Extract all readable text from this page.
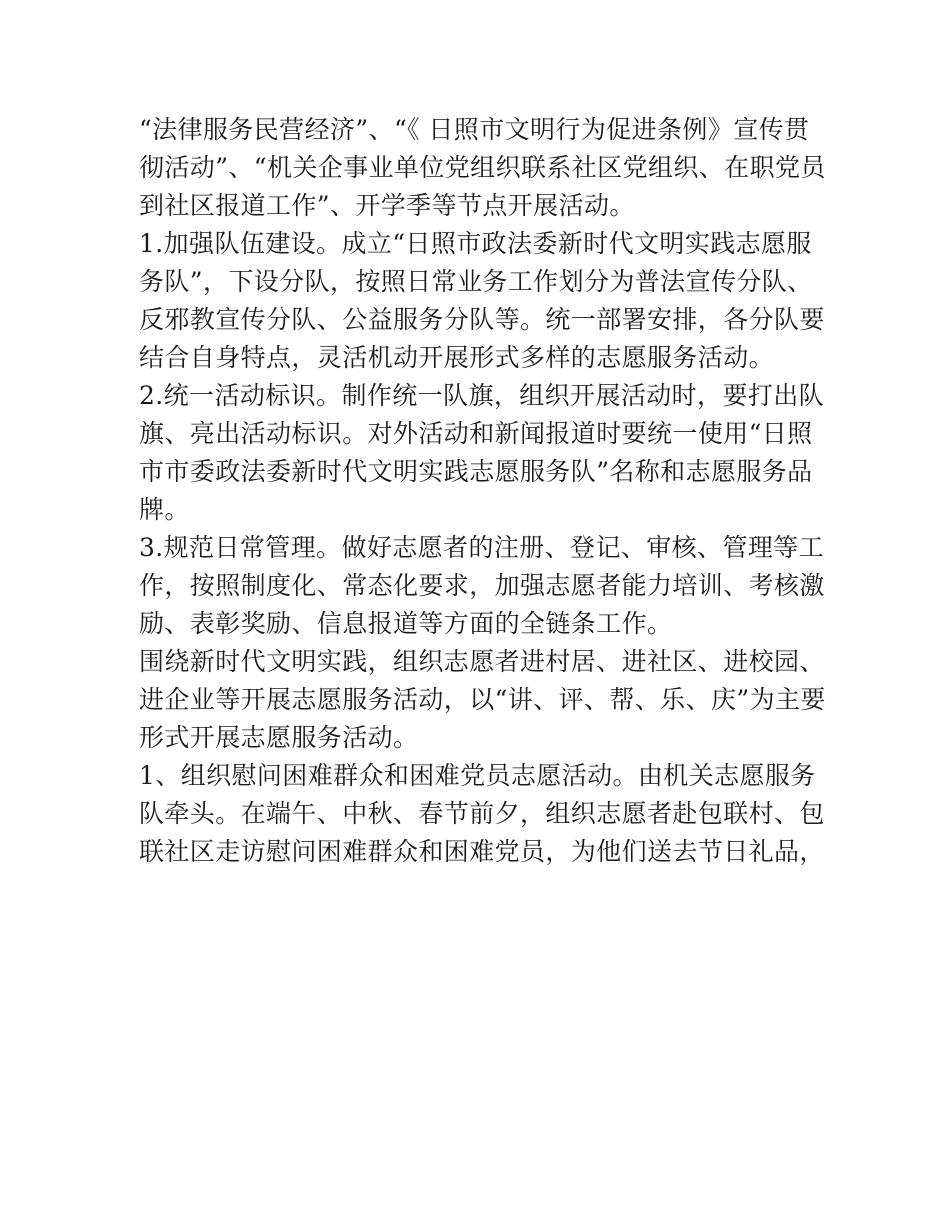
“法律服务民营经济”、“《 日照市文明行为促进条例》宣传贯
彻活动”、“机关企事业单位党组织联系社区党组织、在职党员
到社区报道工作”、开学季等节点开展活动。
1.加强队伍建设。成立“日照市政法委新时代文明实践志愿服
务队”，下设分队，按照日常业务工作划分为普法宣传分队、
反邪教宣传分队、公益服务分队等。统一部署安排，各分队要
结合自身特点，灵活机动开展形式多样的志愿服务活动。
2.统一活动标识。制作统一队旗，组织开展活动时，要打出队
旗、亮出活动标识。对外活动和新闻报道时要统一使用“日照
市市委政法委新时代文明实践志愿服务队”名称和志愿服务品
牌。
3.规范日常管理。做好志愿者的注册、登记、审核、管理等工
作，按照制度化、常态化要求，加强志愿者能力培训、考核激
励、表彰奖励、信息报道等方面的全链条工作。
围绕新时代文明实践，组织志愿者进村居、进社区、进校园、
进企业等开展志愿服务活动，以“讲、评、帮、乐、庆”为主要
形式开展志愿服务活动。
1、组织慰问困难群众和困难党员志愿活动。由机关志愿服务
队牵头。在端午、中秋、春节前夕，组织志愿者赴包联村、包
联社区走访慰问困难群众和困难党员，为他们送去节日礼品，
